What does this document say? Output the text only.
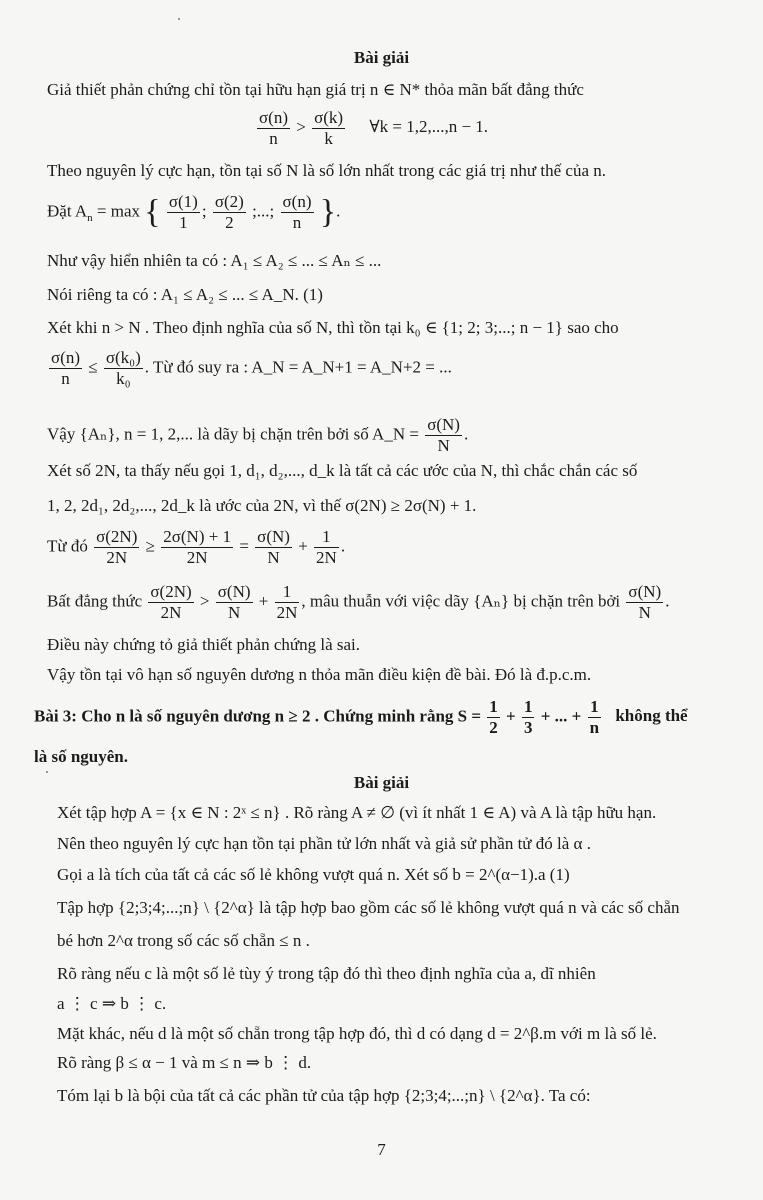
Bài giải
Giả thiết phản chứng chỉ tồn tại hữu hạn giá trị n ∈ N* thỏa mãn bất đẳng thức
$\frac{\sigma(n)}{n} > \frac{\sigma(k)}{k}$ ∀k = 1,2,...,n − 1.
Theo nguyên lý cực hạn, tồn tại số N là số lớn nhất trong các giá trị như thế của n.
Đặt $A_n = \max$ { $\frac{\sigma(1)}{1}$ ; $\frac{\sigma(2)}{2}$ ;...; $\frac{\sigma(n)}{n}$ }.
Như vậy hiển nhiên ta có : A₁ ≤ A₂ ≤ ... ≤ Aₙ ≤ ...
Nói riêng ta có : A₁ ≤ A₂ ≤ ... ≤ A_N. (1)
Xét khi n > N . Theo định nghĩa của số N, thì tồn tại k₀ ∈ {1; 2; 3;...; n − 1} sao cho
$\frac{\sigma(n)}{n} \le \frac{\text{σ(k₀)}}{\text{k₀}}$ . Từ đó suy ra : A_N = A_N+1 = A_N+2 = ...
Vậy {Aₙ}, n = 1, 2,... là dãy bị chặn trên bởi số A_N = $\frac{\sigma(N)}{N}$ .
Xét số 2N, ta thấy nếu gọi 1, d₁, d₂,..., d_k là tất cả các ước của N, thì chắc chắn các số
1, 2, 2d₁, 2d₂,..., 2d_k là ước của 2N, vì thế σ(2N) ≥ 2σ(N) + 1.
Từ đó $\frac{\sigma(2N)}{2N} \ge \frac{2\sigma(N) + 1}{2N} = \frac{\sigma(N)}{N} + \frac{1}{2N}$ .
Bất đẳng thức $\frac{\sigma(2N)}{2N} > \frac{\sigma(N)}{N} + \frac{1}{2N}$ , mâu thuẫn với việc dãy {Aₙ} bị chặn trên bởi $\frac{\sigma(N)}{N}$ .
Điều này chứng tỏ giả thiết phản chứng là sai.
Vậy tồn tại vô hạn số nguyên dương n thỏa mãn điều kiện đề bài. Đó là đ.p.c.m.
Bài 3: Cho n là số nguyên dương n ≥ 2 . Chứng minh rằng $S = \frac{1}{2} + \frac{1}{3}$ + ... + $\frac{1}{n}$ không thể
là số nguyên.
Bài giải
Xét tập hợp A = {x ∈ N : 2ˣ ≤ n} . Rõ ràng A ≠ ∅ (vì ít nhất 1 ∈ A) và A là tập hữu hạn.
Nên theo nguyên lý cực hạn tồn tại phần tử lớn nhất và giả sử phần tử đó là α .
Gọi a là tích của tất cả các số lẻ không vượt quá n. Xét số b = 2^(α−1).a (1)
Tập hợp {2;3;4;...;n} \ {2^α} là tập hợp bao gồm các số lẻ không vượt quá n và các số chẵn
bé hơn 2^α trong số các số chẵn ≤ n .
Rõ ràng nếu c là một số lẻ tùy ý trong tập đó thì theo định nghĩa của a, dĩ nhiên
a ⋮ c ⇒ b ⋮ c.
Mặt khác, nếu d là một số chẵn trong tập hợp đó, thì d có dạng d = 2^β.m với m là số lẻ.
Rõ ràng β ≤ α − 1 và m ≤ n ⇒ b ⋮ d.
Tóm lại b là bội của tất cả các phần tử của tập hợp {2;3;4;...;n} \ {2^α}. Ta có:
7
